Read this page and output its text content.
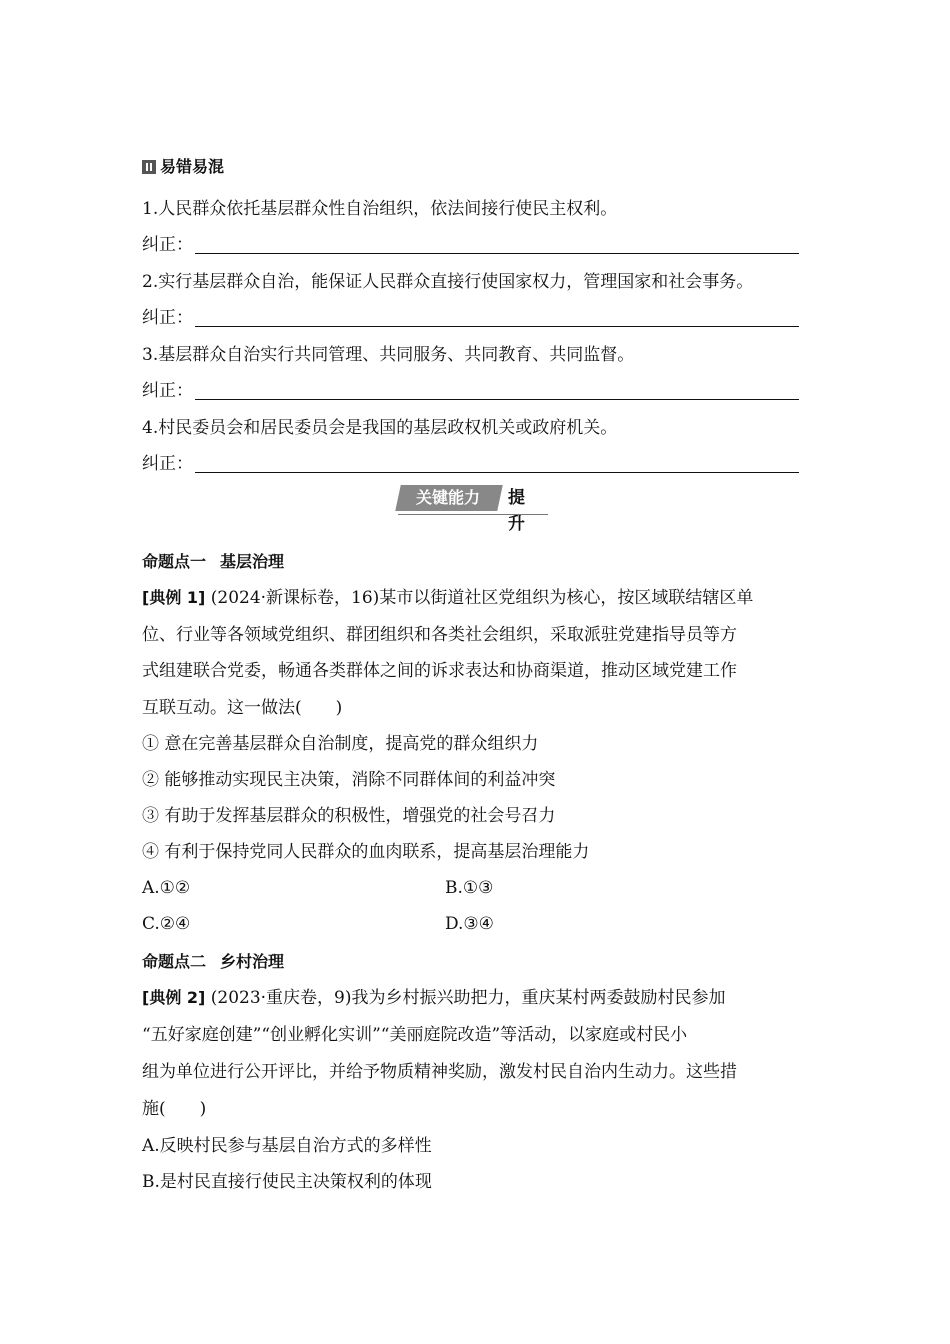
易错易混
1.人民群众依托基层群众性自治组织，依法间接行使民主权利。
纠正：
2.实行基层群众自治，能保证人民群众直接行使国家权力，管理国家和社会事务。
纠正：
3.基层群众自治实行共同管理、共同服务、共同教育、共同监督。
纠正：
4.村民委员会和居民委员会是我国的基层政权机关或政府机关。
纠正：
关键能力	提升
命题点一 基层治理
[典例 1] (2024·新课标卷，16)某市以街道社区党组织为核心，按区域联结辖区单
位、行业等各领域党组织、群团组织和各类社会组织，采取派驻党建指导员等方
式组建联合党委，畅通各类群体之间的诉求表达和协商渠道，推动区域党建工作
互联互动。这一做法(　　)
① 意在完善基层群众自治制度，提高党的群众组织力
② 能够推动实现民主决策，消除不同群体间的利益冲突
③ 有助于发挥基层群众的积极性，增强党的社会号召力
④ 有利于保持党同人民群众的血肉联系，提高基层治理能力
A.①②	B.①③
C.②④	D.③④
命题点二 乡村治理
[典例 2] (2023·重庆卷，9)我为乡村振兴助把力，重庆某村两委鼓励村民参加
“五好家庭创建”“创业孵化实训”“美丽庭院改造”等活动，以家庭或村民小
组为单位进行公开评比，并给予物质精神奖励，激发村民自治内生动力。这些措
施(　　)
A.反映村民参与基层自治方式的多样性
B.是村民直接行使民主决策权利的体现
